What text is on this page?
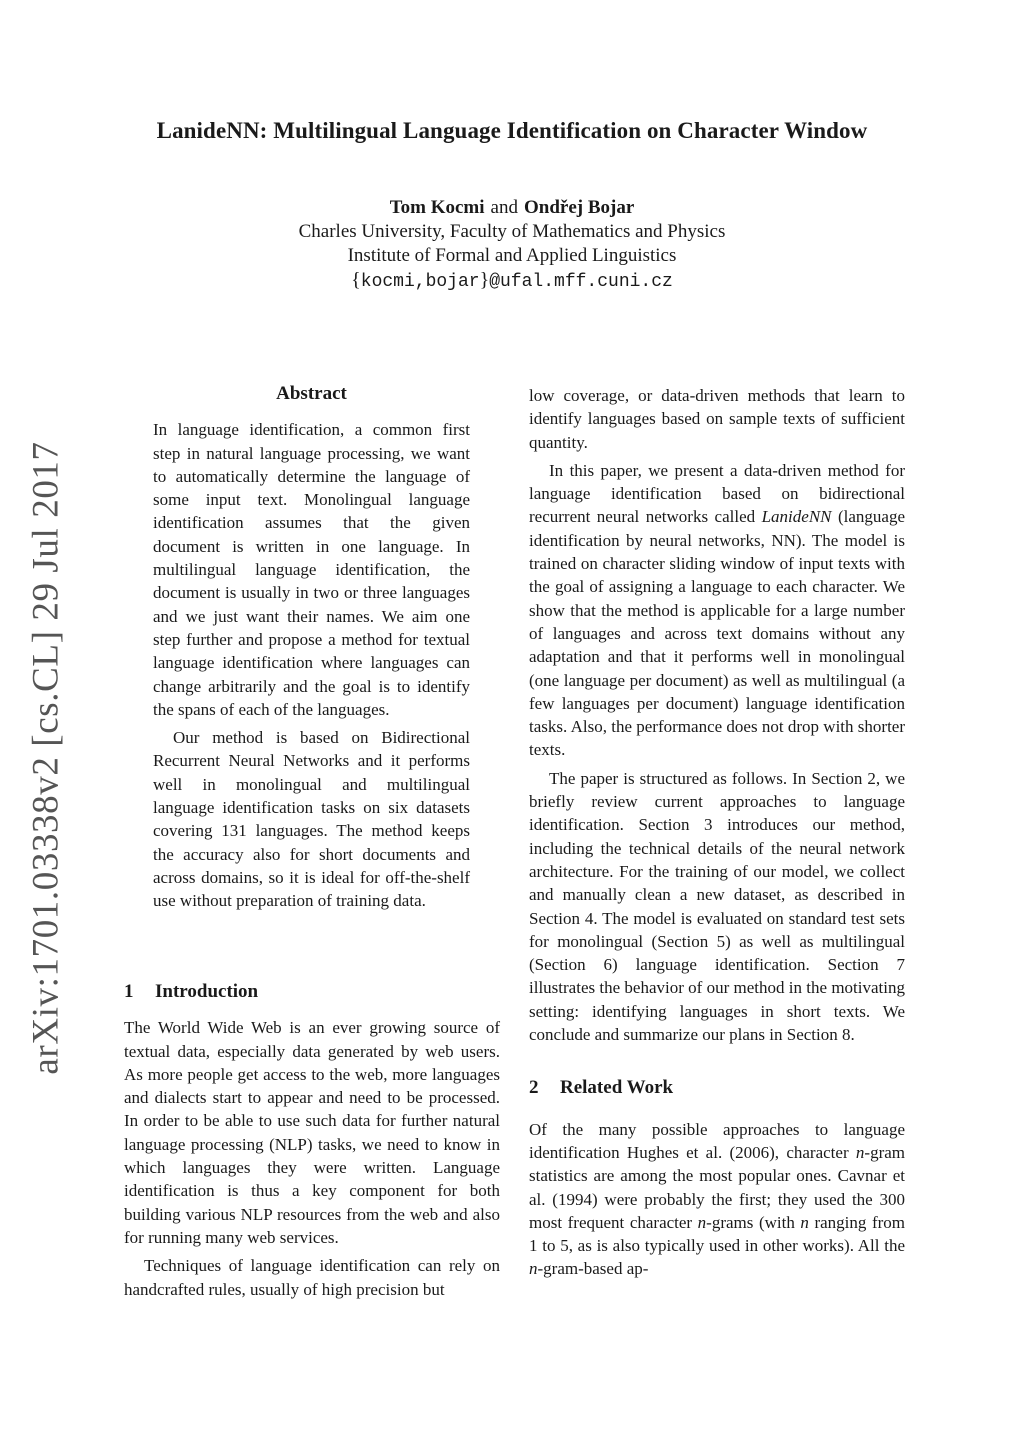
LanideNN: Multilingual Language Identification on Character Window
Tom Kocmi and Ondřej Bojar
Charles University, Faculty of Mathematics and Physics
Institute of Formal and Applied Linguistics
{kocmi,bojar}@ufal.mff.cuni.cz
arXiv:1701.03338v2 [cs.CL] 29 Jul 2017
Abstract

In language identification, a common first step in natural language processing, we want to automatically determine the language of some input text. Monolingual language identification assumes that the given document is written in one language. In multilingual language identification, the document is usually in two or three languages and we just want their names. We aim one step further and propose a method for textual language identification where languages can change arbitrarily and the goal is to identify the spans of each of the languages.

Our method is based on Bidirectional Recurrent Neural Networks and it performs well in monolingual and multilingual language identification tasks on six datasets covering 131 languages. The method keeps the accuracy also for short documents and across domains, so it is ideal for off-the-shelf use without preparation of training data.

1 Introduction

The World Wide Web is an ever growing source of textual data, especially data generated by web users. As more people get access to the web, more languages and dialects start to appear and need to be processed. In order to be able to use such data for further natural language processing (NLP) tasks, we need to know in which languages they were written. Language identification is thus a key component for both building various NLP resources from the web and also for running many web services.

Techniques of language identification can rely on handcrafted rules, usually of high precision but

low coverage, or data-driven methods that learn to identify languages based on sample texts of sufficient quantity.

In this paper, we present a data-driven method for language identification based on bidirectional recurrent neural networks called LanideNN (language identification by neural networks, NN). The model is trained on character sliding window of input texts with the goal of assigning a language to each character. We show that the method is applicable for a large number of languages and across text domains without any adaptation and that it performs well in monolingual (one language per document) as well as multilingual (a few languages per document) language identification tasks. Also, the performance does not drop with shorter texts.

The paper is structured as follows. In Section 2, we briefly review current approaches to language identification. Section 3 introduces our method, including the technical details of the neural network architecture. For the training of our model, we collect and manually clean a new dataset, as described in Section 4. The model is evaluated on standard test sets for monolingual (Section 5) as well as multilingual (Section 6) language identification. Section 7 illustrates the behavior of our method in the motivating setting: identifying languages in short texts. We conclude and summarize our plans in Section 8.

2 Related Work

Of the many possible approaches to language identification Hughes et al. (2006), character n-gram statistics are among the most popular ones. Cavnar et al. (1994) were probably the first; they used the 300 most frequent character n-grams (with n ranging from 1 to 5, as is also typically used in other works). All the n-gram-based ap-
